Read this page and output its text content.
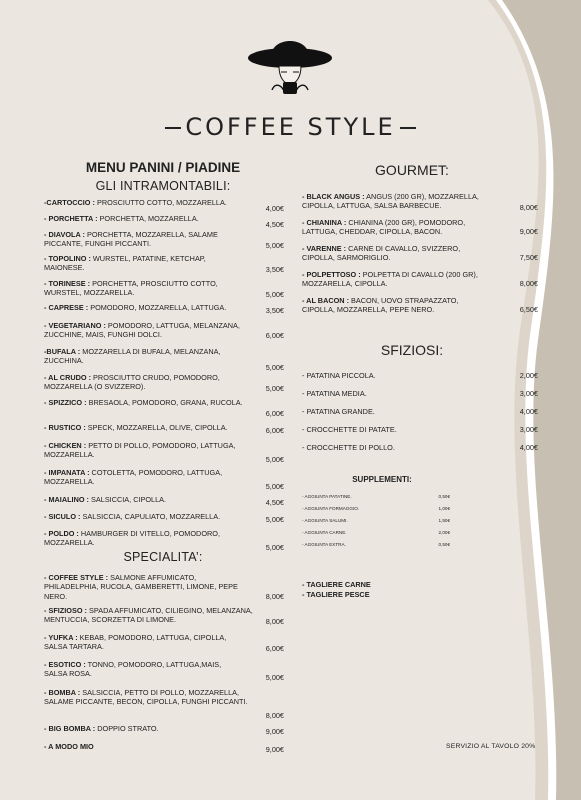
COFFEE STYLE
MENU PANINI / PIADINE
GLI INTRAMONTABILI:
-CARTOCCIO : PROSCIUTTO COTTO, MOZZARELLA.
4,00€
- PORCHETTA : PORCHETTA, MOZZARELLA.
4,50€
- DIAVOLA : PORCHETTA, MOZZARELLA, SALAME PICCANTE, FUNGHI PICCANTI.	5,00€
- TOPOLINO : WURSTEL, PATATINE, KETCHAP, MAIONESE.	3,50€
- TORINESE : PORCHETTA, PROSCIUTTO COTTO, WURSTEL, MOZZARELLA.	5,00€
- CAPRESE : POMODORO, MOZZARELLA, LATTUGA.	3,50€
- VEGETARIANO : POMODORO, LATTUGA, MELANZANA, ZUCCHINE, MAIS, FUNGHI DOLCI.	6,00€
-BUFALA : MOZZARELLA DI BUFALA, MELANZANA, ZUCCHINA.
5,00€
- AL CRUDO : PROSCIUTTO CRUDO, POMODORO, MOZZARELLA (O SVIZZERO).	5,00€
- SPIZZICO : BRESAOLA, POMODORO, GRANA, RUCOLA.
6,00€
- RUSTICO : SPECK, MOZZARELLA, OLIVE, CIPOLLA.	6,00€
- CHICKEN : PETTO DI POLLO, POMODORO, LATTUGA, MOZZARELLA.	5,00€
- IMPANATA : COTOLETTA, POMODORO, LATTUGA, MOZZARELLA.	5,00€
- MAIALINO : SALSICCIA, CIPOLLA.	4,50€
- SICULO : SALSICCIA, CAPULIATO, MOZZARELLA.	5,00€
- POLDO : HAMBURGER DI VITELLO, POMODORO, MOZZARELLA.	5,00€
SPECIALITA’:
- COFFEE STYLE : SALMONE AFFUMICATO, PHILADELPHIA, RUCOLA, GAMBERETTI, LIMONE, PEPE NERO.	8,00€
- SFIZIOSO : SPADA AFFUMICATO, CILIEGINO, MELANZANA, MENTUCCIA, SCORZETTA DI LIMONE.	8,00€
- YUFKA : KEBAB, POMODORO, LATTUGA, CIPOLLA, SALSA TARTARA.	6,00€
- ESOTICO : TONNO, POMODORO, LATTUGA,MAIS, SALSA ROSA.	5,00€
- BOMBA : SALSICCIA, PETTO DI POLLO, MOZZARELLA, SALAME PICCANTE, BECON, CIPOLLA, FUNGHI PICCANTI.
8,00€
- BIG BOMBA : DOPPIO STRATO.	9,00€
- A MODO MIO	9,00€
GOURMET:
- BLACK ANGUS : ANGUS (200 GR), MOZZARELLA, CIPOLLA, LATTUGA, SALSA BARBECUE.	8,00€
- CHIANINA : CHIANINA (200 GR), POMODORO, LATTUGA, CHEDDAR, CIPOLLA, BACON.	9,00€
- VARENNE : CARNE DI CAVALLO, SVIZZERO, CIPOLLA, SARMORIGLIO.	7,50€
- POLPETTOSO : POLPETTA DI CAVALLO (200 GR), MOZZARELLA, CIPOLLA.	8,00€
- AL BACON : BACON, UOVO STRAPAZZATO, CIPOLLA, MOZZARELLA, PEPE NERO.	6,50€
SFIZIOSI:
- PATATINA PICCOLA.	2,00€
- PATATINA MEDIA.	3,00€
- PATATINA GRANDE.	4,00€
- CROCCHETTE DI PATATE.	3,00€
- CROCCHETTE DI POLLO.	4,00€
SUPPLEMENTI:
- AGGIUNTA PATATINE.	0,50€
- AGGIUNTA FORMAGGIO.	1,00€
- AGGIUNTA SALUMI.	1,50€
- AGGIUNTA CARNE.	2,00€
- AGGIUNTA EXTRA.	0,50€
- TAGLIERE CARNE
- TAGLIERE PESCE
SERVIZIO AL TAVOLO 20%
